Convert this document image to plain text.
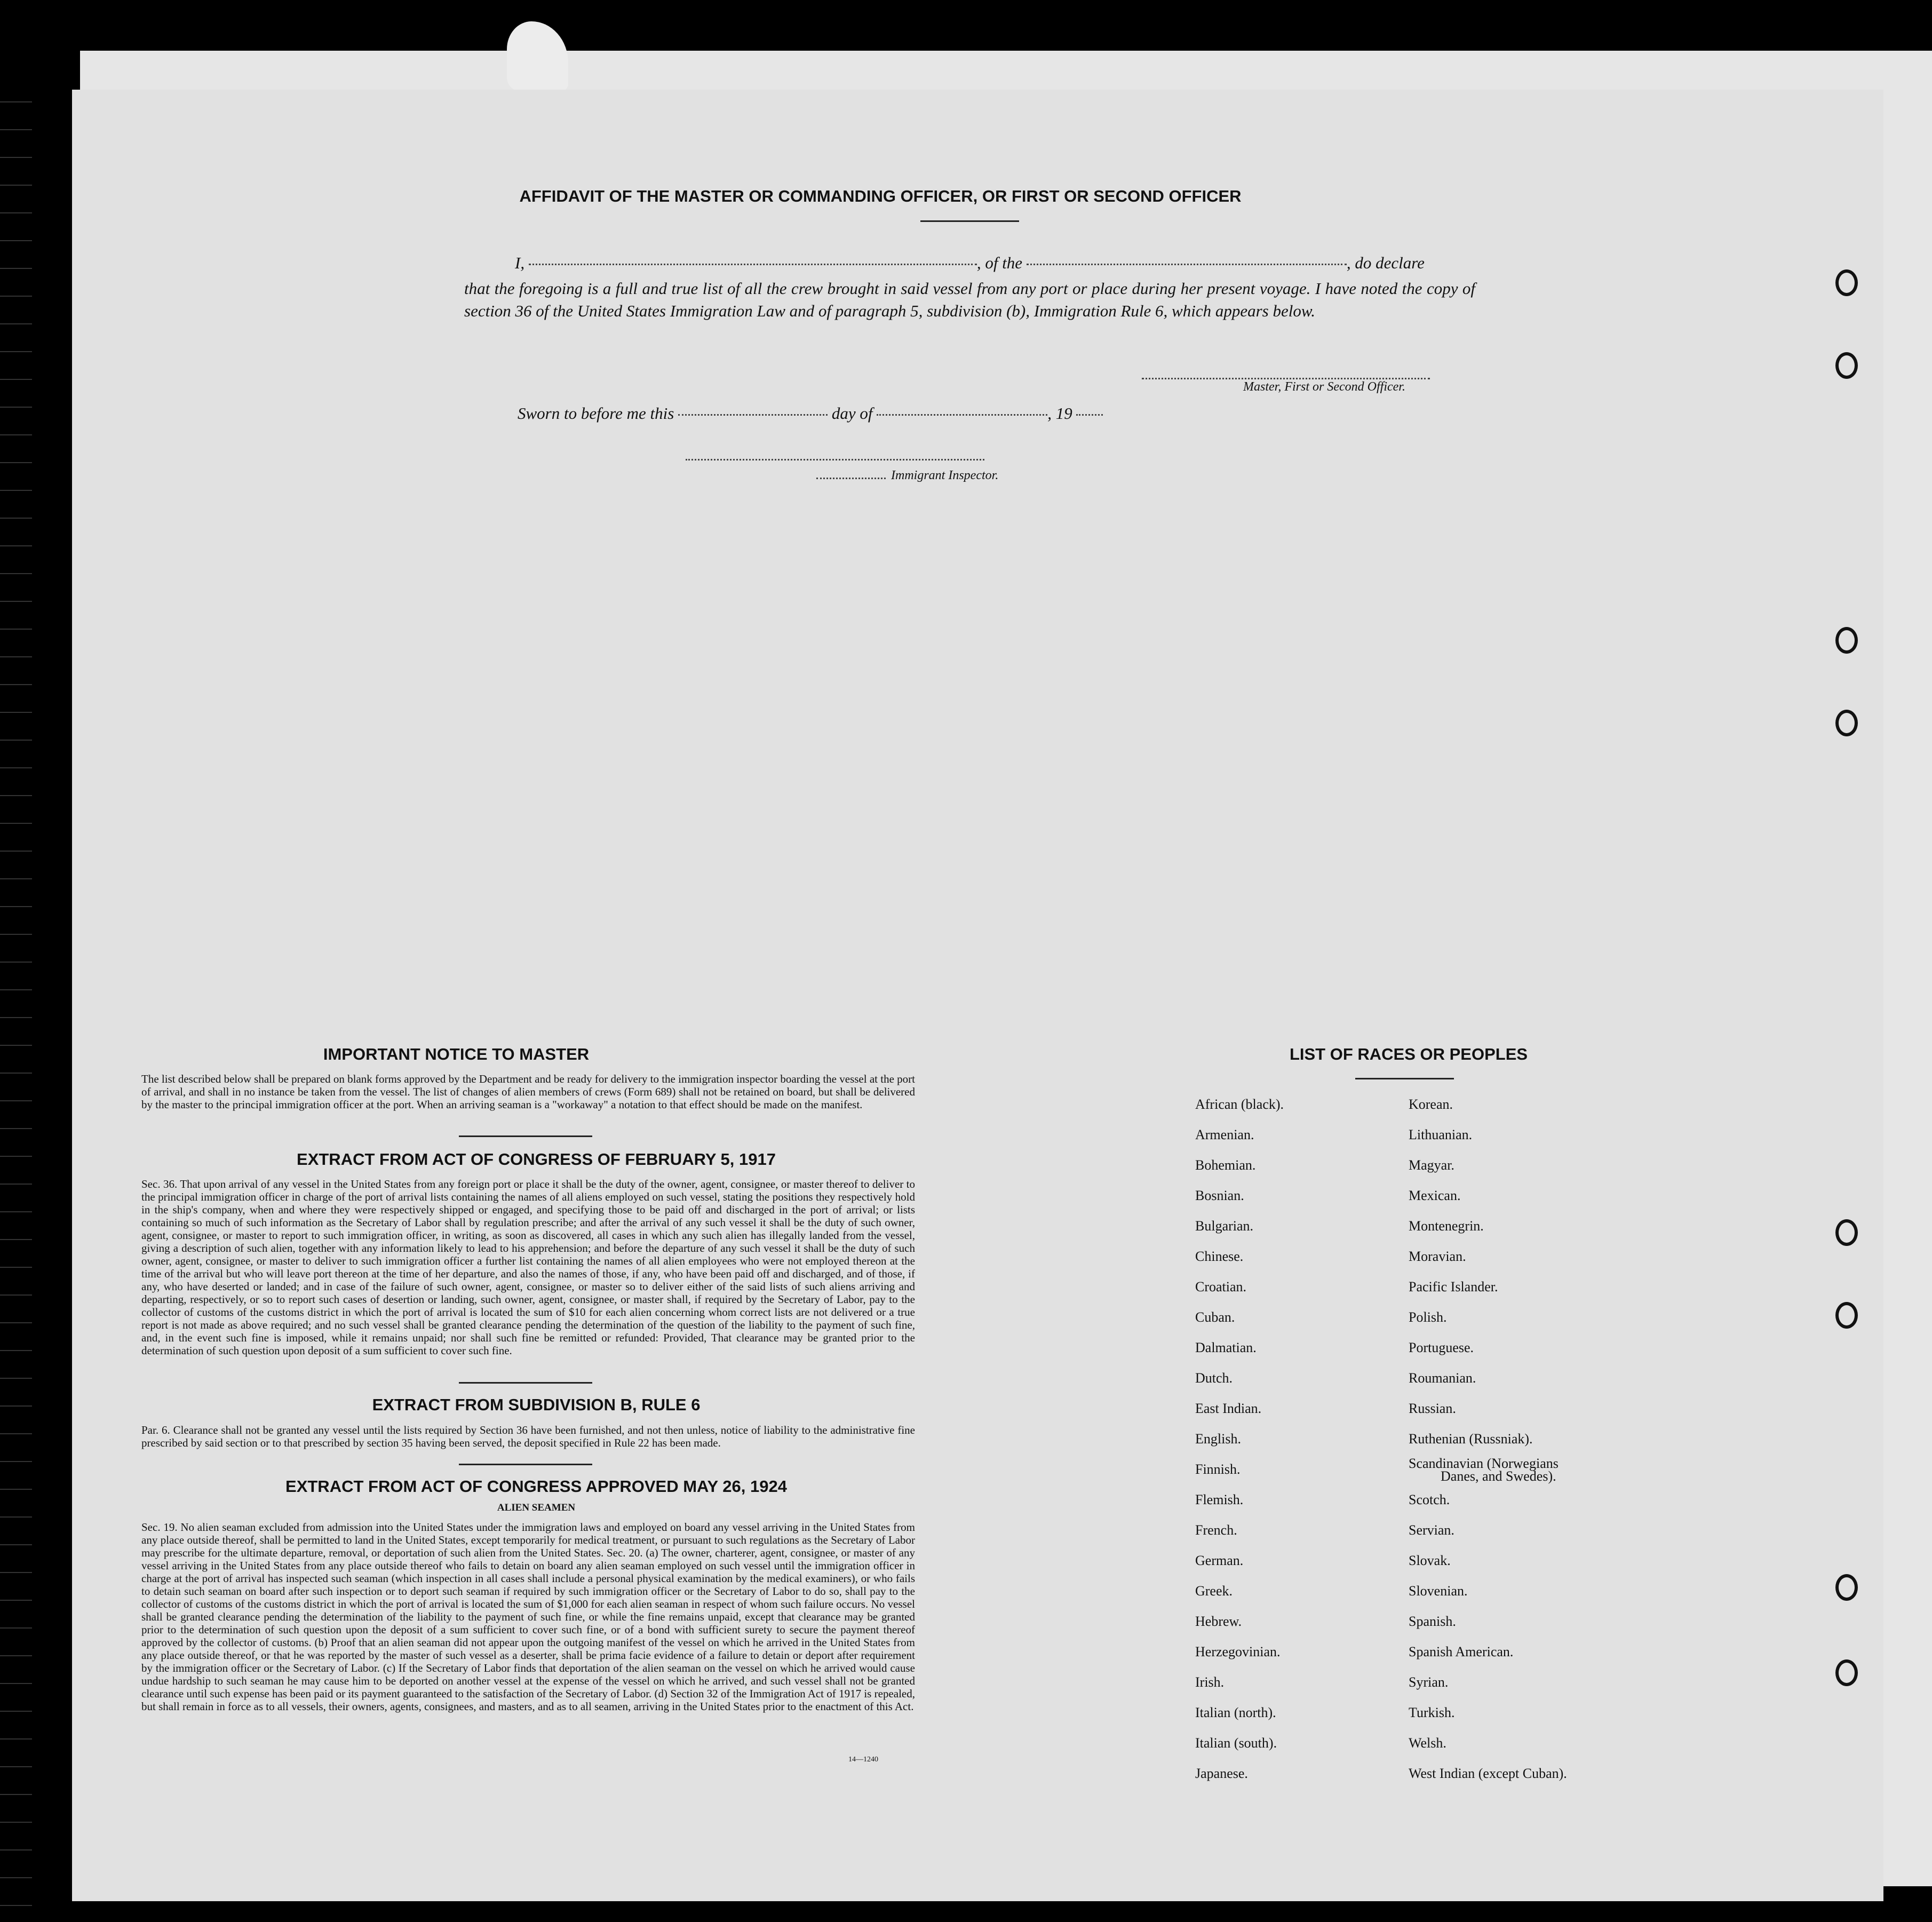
AFFIDAVIT OF THE MASTER OR COMMANDING OFFICER, OR FIRST OR SECOND OFFICER
I,	, of the	, do declare
that the foregoing is a full and true list of all the crew brought in said vessel from any port or place during her present voyage. I have noted the copy of section 36 of the United States Immigration Law and of paragraph 5, subdivision (b), Immigration Rule 6, which appears below.
Master, First or Second Officer.
Sworn to before me this	day of	, 19
Immigrant Inspector.
IMPORTANT NOTICE TO MASTER
The list described below shall be prepared on blank forms approved by the Department and be ready for delivery to the immigration inspector boarding the vessel at the port of arrival, and shall in no instance be taken from the vessel. The list of changes of alien members of crews (Form 689) shall not be retained on board, but shall be delivered by the master to the principal immigration officer at the port. When an arriving seaman is a "workaway" a notation to that effect should be made on the manifest.
EXTRACT FROM ACT OF CONGRESS OF FEBRUARY 5, 1917
Sec. 36. That upon arrival of any vessel in the United States from any foreign port or place it shall be the duty of the owner, agent, consignee, or master thereof to deliver to the principal immigration officer in charge of the port of arrival lists containing the names of all aliens employed on such vessel, stating the positions they respectively hold in the ship's company, when and where they were respectively shipped or engaged, and specifying those to be paid off and discharged in the port of arrival; or lists containing so much of such information as the Secretary of Labor shall by regulation prescribe; and after the arrival of any such vessel it shall be the duty of such owner, agent, consignee, or master to report to such immigration officer, in writing, as soon as discovered, all cases in which any such alien has illegally landed from the vessel, giving a description of such alien, together with any information likely to lead to his apprehension; and before the departure of any such vessel it shall be the duty of such owner, agent, consignee, or master to deliver to such immigration officer a further list containing the names of all alien employees who were not employed thereon at the time of the arrival but who will leave port thereon at the time of her departure, and also the names of those, if any, who have been paid off and discharged, and of those, if any, who have deserted or landed; and in case of the failure of such owner, agent, consignee, or master so to deliver either of the said lists of such aliens arriving and departing, respectively, or so to report such cases of desertion or landing, such owner, agent, consignee, or master shall, if required by the Secretary of Labor, pay to the collector of customs of the customs district in which the port of arrival is located the sum of $10 for each alien concerning whom correct lists are not delivered or a true report is not made as above required; and no such vessel shall be granted clearance pending the determination of the question of the liability to the payment of such fine, and, in the event such fine is imposed, while it remains unpaid; nor shall such fine be remitted or refunded: Provided, That clearance may be granted prior to the determination of such question upon deposit of a sum sufficient to cover such fine.
EXTRACT FROM SUBDIVISION B, RULE 6
Par. 6. Clearance shall not be granted any vessel until the lists required by Section 36 have been furnished, and not then unless, notice of liability to the administrative fine prescribed by said section or to that prescribed by section 35 having been served, the deposit specified in Rule 22 has been made.
EXTRACT FROM ACT OF CONGRESS APPROVED MAY 26, 1924
ALIEN SEAMEN
Sec. 19. No alien seaman excluded from admission into the United States under the immigration laws and employed on board any vessel arriving in the United States from any place outside thereof, shall be permitted to land in the United States, except temporarily for medical treatment, or pursuant to such regulations as the Secretary of Labor may prescribe for the ultimate departure, removal, or deportation of such alien from the United States. Sec. 20. (a) The owner, charterer, agent, consignee, or master of any vessel arriving in the United States from any place outside thereof who fails to detain on board any alien seaman employed on such vessel until the immigration officer in charge at the port of arrival has inspected such seaman (which inspection in all cases shall include a personal physical examination by the medical examiners), or who fails to detain such seaman on board after such inspection or to deport such seaman if required by such immigration officer or the Secretary of Labor to do so, shall pay to the collector of customs of the customs district in which the port of arrival is located the sum of $1,000 for each alien seaman in respect of whom such failure occurs. No vessel shall be granted clearance pending the determination of the liability to the payment of such fine, or while the fine remains unpaid, except that clearance may be granted prior to the determination of such question upon the deposit of a sum sufficient to cover such fine, or of a bond with sufficient surety to secure the payment thereof approved by the collector of customs. (b) Proof that an alien seaman did not appear upon the outgoing manifest of the vessel on which he arrived in the United States from any place outside thereof, or that he was reported by the master of such vessel as a deserter, shall be prima facie evidence of a failure to detain or deport after requirement by the immigration officer or the Secretary of Labor. (c) If the Secretary of Labor finds that deportation of the alien seaman on the vessel on which he arrived would cause undue hardship to such seaman he may cause him to be deported on another vessel at the expense of the vessel on which he arrived, and such vessel shall not be granted clearance until such expense has been paid or its payment guaranteed to the satisfaction of the Secretary of Labor. (d) Section 32 of the Immigration Act of 1917 is repealed, but shall remain in force as to all vessels, their owners, agents, consignees, and masters, and as to all seamen, arriving in the United States prior to the enactment of this Act.
14—1240
LIST OF RACES OR PEOPLES
African (black).
Armenian.
Bohemian.
Bosnian.
Bulgarian.
Chinese.
Croatian.
Cuban.
Dalmatian.
Dutch.
East Indian.
English.
Finnish.
Flemish.
French.
German.
Greek.
Hebrew.
Herzegovinian.
Irish.
Italian (north).
Italian (south).
Japanese.
Korean.
Lithuanian.
Magyar.
Mexican.
Montenegrin.
Moravian.
Pacific Islander.
Polish.
Portuguese.
Roumanian.
Russian.
Ruthenian (Russniak).
Scandinavian (Norwegians
Danes, and Swedes).
Scotch.
Servian.
Slovak.
Slovenian.
Spanish.
Spanish American.
Syrian.
Turkish.
Welsh.
West Indian (except Cuban).
